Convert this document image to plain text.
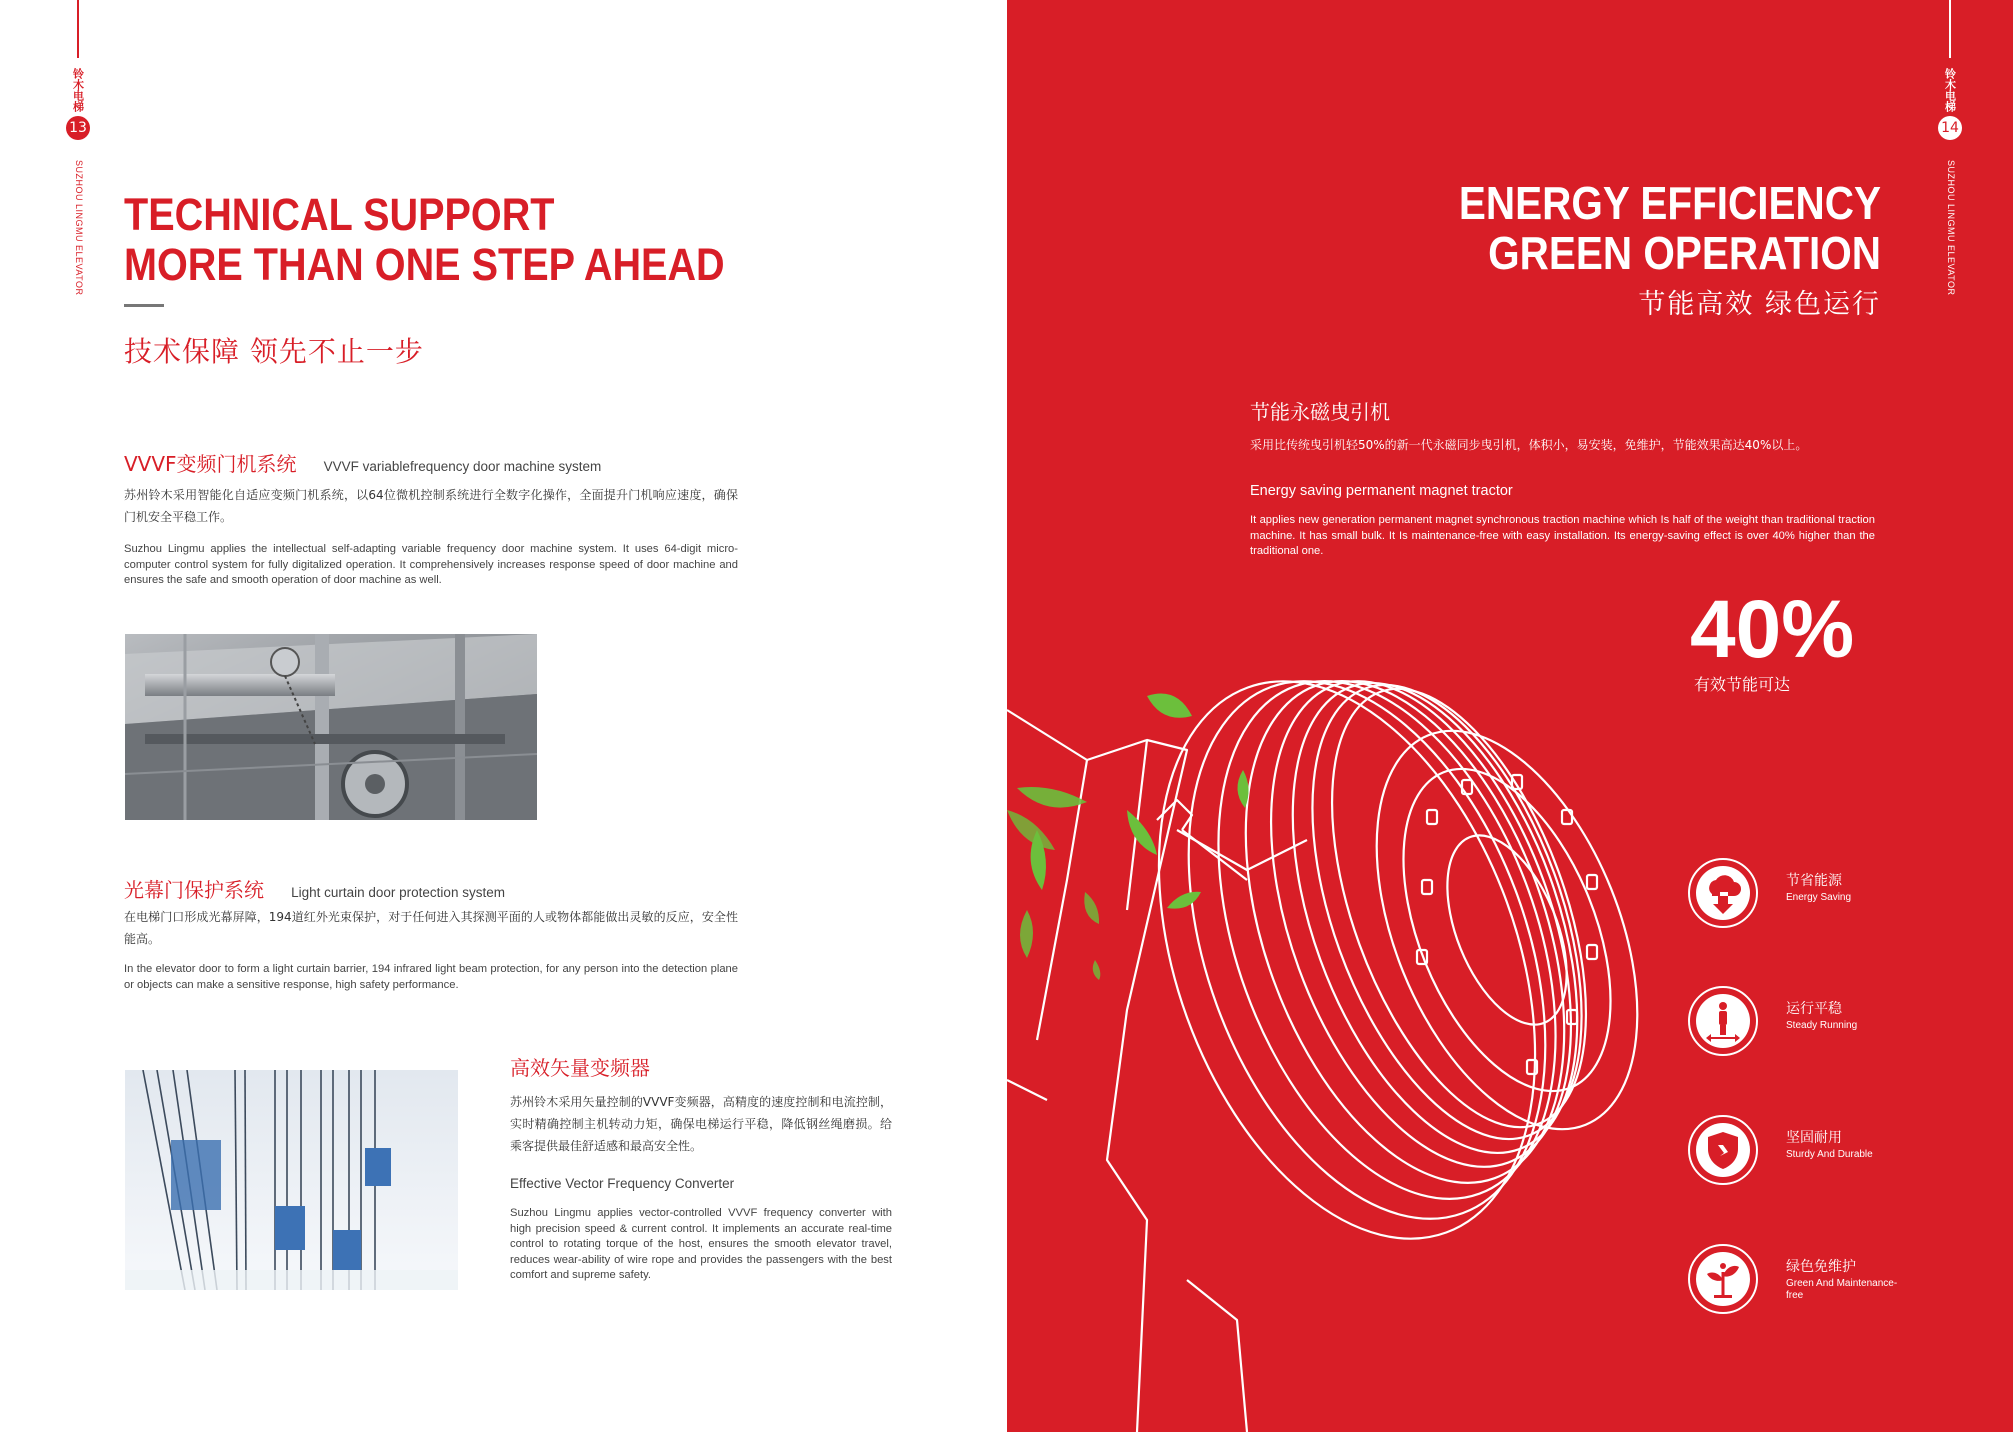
铃木电梯
13
SUZHOU LINGMU ELEVATOR TECHNICAL SUPPORT
MORE THAN ONE STEP AHEAD
技术保障 领先不止一步
VVVF变频门机系统 VVVF variablefrequency door machine system
苏州铃木采用智能化自适应变频门机系统，以64位微机控制系统进行全数字化操作，全面提升门机响应速度，确保门机安全平稳工作。
Suzhou Lingmu applies the intellectual self-adapting variable frequency door machine system. It uses 64-digit micro-computer control system for fully digitalized operation. It comprehensively increases response speed of door machine and ensures the safe and smooth operation of door machine as well.
光幕门保护系统 Light curtain door protection system
在电梯门口形成光幕屏障，194道红外光束保护，对于任何进入其探测平面的人或物体都能做出灵敏的反应，安全性能高。
In the elevator door to form a light curtain barrier, 194 infrared light beam protection, for any person into the detection plane or objects can make a sensitive response, high safety performance.
高效矢量变频器
苏州铃木采用矢量控制的VVVF变频器，高精度的速度控制和电流控制，实时精确控制主机转动力矩，确保电梯运行平稳，降低钢丝绳磨损。给乘客提供最佳舒适感和最高安全性。
Effective Vector Frequency Converter
Suzhou Lingmu applies vector-controlled VVVF frequency converter with high precision speed & current control. It implements an accurate real-time control to rotating torque of the host, ensures the smooth elevator travel, reduces wear-ability of wire rope and provides the passengers with the best comfort and supreme safety.
铃木电梯
14
SUZHOU LINGMU ELEVATOR
ENERGY EFFICIENCY
GREEN OPERATION
节能高效 绿色运行
节能永磁曳引机
采用比传统曳引机轻50%的新一代永磁同步曳引机，体积小，易安装，免维护，节能效果高达40%以上。
Energy saving permanent magnet tractor
It applies new generation permanent magnet synchronous traction machine which Is half of the weight than traditional traction machine. It has small bulk. It Is maintenance-free with easy installation. Its energy-saving effect is over 40% higher than the traditional one.
40%
有效节能可达
节省能源
Energy Saving
运行平稳
Steady Running
坚固耐用
Sturdy And Durable
绿色免维护
Green And Maintenance-free
